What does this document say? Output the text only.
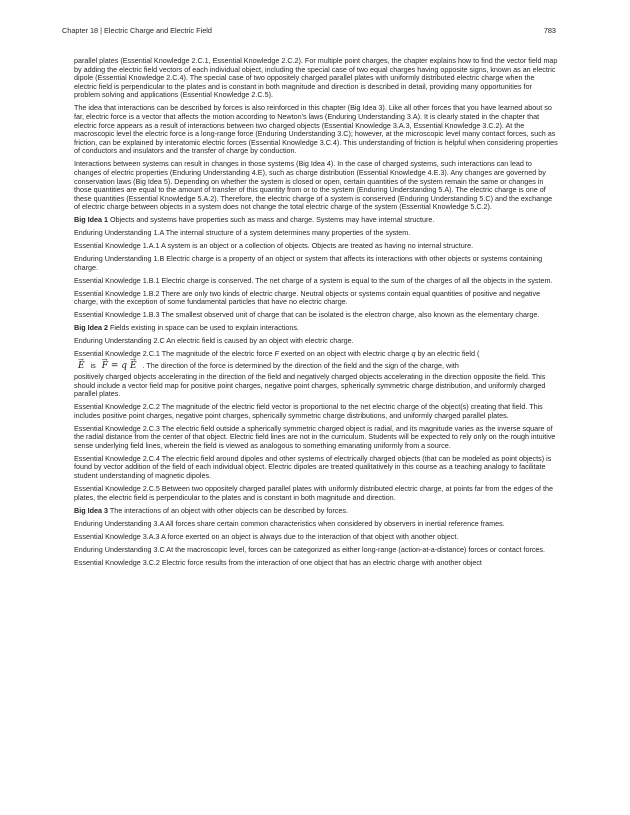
Chapter 18 | Electric Charge and Electric Field	783

parallel plates (Essential Knowledge 2.C.1, Essential Knowledge 2.C.2). For multiple point charges, the chapter explains how to find the vector field map by adding the electric field vectors of each individual object, including the special case of two equal charges having opposite signs, known as an electric dipole (Essential Knowledge 2.C.4). The special case of two oppositely charged parallel plates with uniformly distributed electric charge when the electric field is perpendicular to the plates and is constant in both magnitude and direction is described in detail, providing many opportunities for problem solving and applications (Essential Knowledge 2.C.5).

The idea that interactions can be described by forces is also reinforced in this chapter (Big Idea 3). Like all other forces that you have learned about so far, electric force is a vector that affects the motion according to Newton's laws (Enduring Understanding 3.A). It is clearly stated in the chapter that electric force appears as a result of interactions between two charged objects (Essential Knowledge 3.A.3, Essential Knowledge 3.C.2). At the macroscopic level the electric force is a long-range force (Enduring Understanding 3.C); however, at the microscopic level many contact forces, such as friction, can be explained by interatomic electric forces (Essential Knowledge 3.C.4). This understanding of friction is helpful when considering properties of conductors and insulators and the transfer of charge by conduction.

Interactions between systems can result in changes in those systems (Big Idea 4). In the case of charged systems, such interactions can lead to changes of electric properties (Enduring Understanding 4.E), such as charge distribution (Essential Knowledge 4.E.3). Any changes are governed by conservation laws (Big Idea 5). Depending on whether the system is closed or open, certain quantities of the system remain the same or changes in those quantities are equal to the amount of transfer of this quantity from or to the system (Enduring Understanding 5.A). The electric charge is one of these quantities (Essential Knowledge 5.A.2). Therefore, the electric charge of a system is conserved (Enduring Understanding 5.C) and the exchange of electric charge between objects in a system does not change the total electric charge of the system (Essential Knowledge 5.C.2).

Big Idea 1 Objects and systems have properties such as mass and charge. Systems may have internal structure.

Enduring Understanding 1.A The internal structure of a system determines many properties of the system.

Essential Knowledge 1.A.1 A system is an object or a collection of objects. Objects are treated as having no internal structure.

Enduring Understanding 1.B Electric charge is a property of an object or system that affects its interactions with other objects or systems containing charge.

Essential Knowledge 1.B.1 Electric charge is conserved. The net charge of a system is equal to the sum of the charges of all the objects in the system.

Essential Knowledge 1.B.2 There are only two kinds of electric charge. Neutral objects or systems contain equal quantities of positive and negative charge, with the exception of some fundamental particles that have no electric charge.

Essential Knowledge 1.B.3 The smallest observed unit of charge that can be isolated is the electron charge, also known as the elementary charge.

Big Idea 2 Fields existing in space can be used to explain interactions.

Enduring Understanding 2.C An electric field is caused by an object with electric charge.

Essential Knowledge 2.C.1 The magnitude of the electric force F exerted on an object with electric charge q by an electric field (
→ E is → F = q → E . The direction of the force is determined by the direction of the field and the sign of the charge, with
positively charged objects accelerating in the direction of the field and negatively charged objects accelerating in the direction opposite the field. This should include a vector field map for positive point charges, negative point charges, spherically symmetric charge distribution, and uniformly charged parallel plates.

Essential Knowledge 2.C.2 The magnitude of the electric field vector is proportional to the net electric charge of the object(s) creating that field. This includes positive point charges, negative point charges, spherically symmetric charge distributions, and uniformly charged parallel plates.

Essential Knowledge 2.C.3 The electric field outside a spherically symmetric charged object is radial, and its magnitude varies as the inverse square of the radial distance from the center of that object. Electric field lines are not in the curriculum. Students will be expected to rely only on the rough intuitive sense underlying field lines, wherein the field is viewed as analogous to something emanating uniformly from a source.

Essential Knowledge 2.C.4 The electric field around dipoles and other systems of electrically charged objects (that can be modeled as point objects) is found by vector addition of the field of each individual object. Electric dipoles are treated qualitatively in this course as a teaching analogy to facilitate student understanding of magnetic dipoles.

Essential Knowledge 2.C.5 Between two oppositely charged parallel plates with uniformly distributed electric charge, at points far from the edges of the plates, the electric field is perpendicular to the plates and is constant in both magnitude and direction.

Big Idea 3 The interactions of an object with other objects can be described by forces.

Enduring Understanding 3.A All forces share certain common characteristics when considered by observers in inertial reference frames.

Essential Knowledge 3.A.3 A force exerted on an object is always due to the interaction of that object with another object.

Enduring Understanding 3.C At the macroscopic level, forces can be categorized as either long-range (action-at-a-distance) forces or contact forces.

Essential Knowledge 3.C.2 Electric force results from the interaction of one object that has an electric charge with another object
